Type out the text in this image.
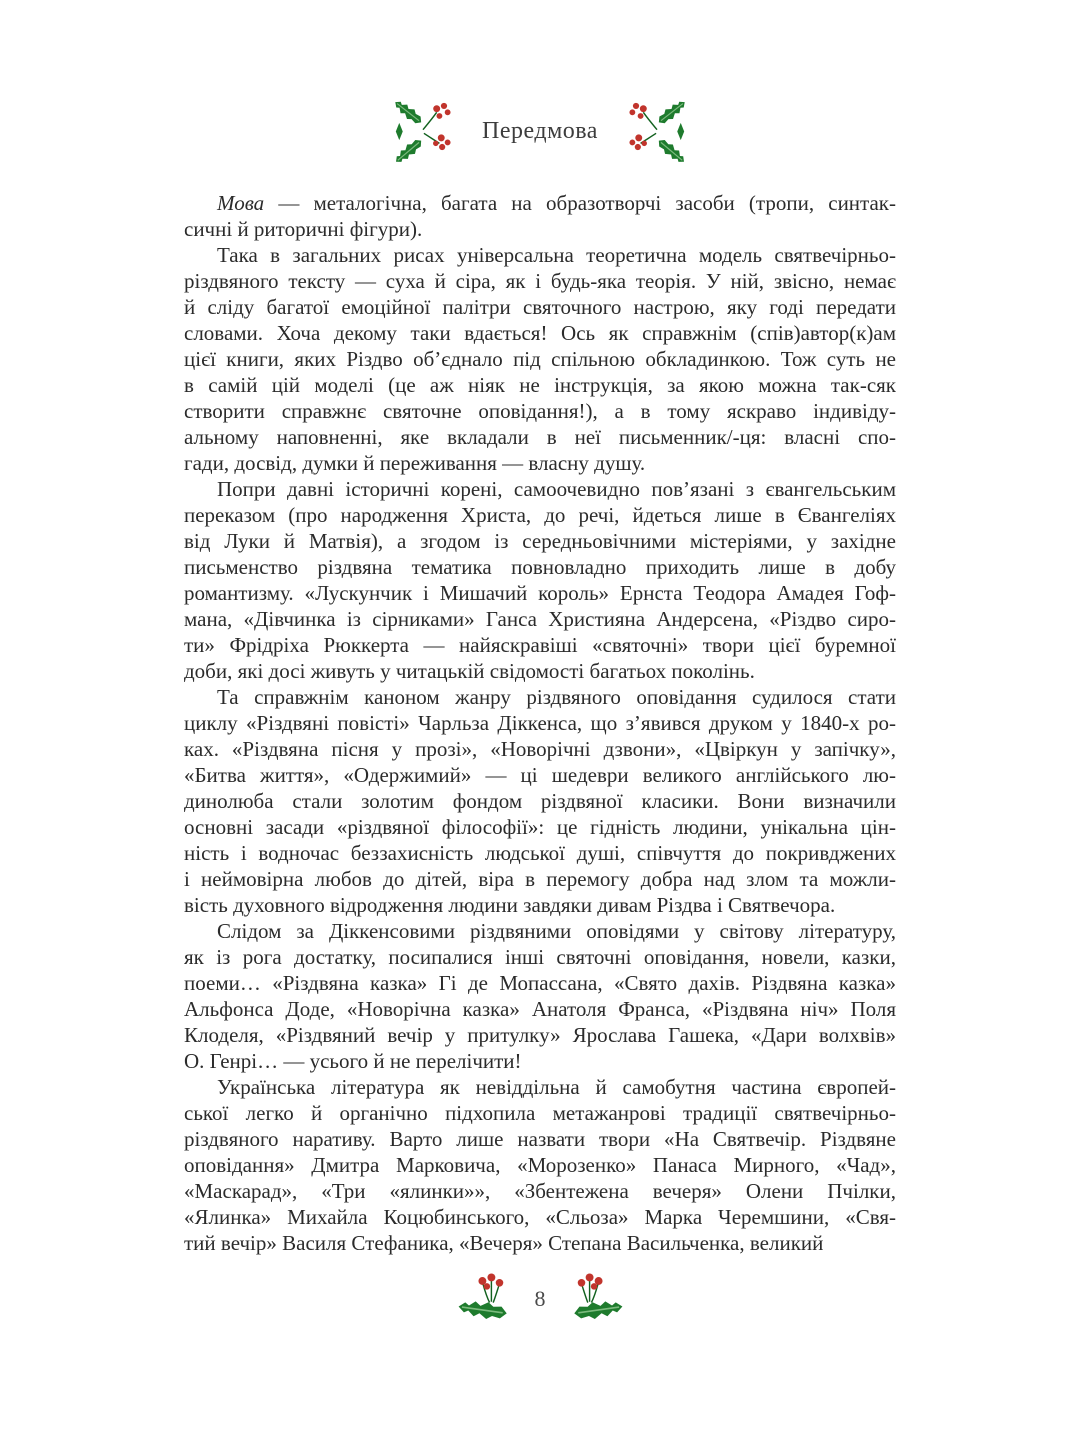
Передмова
Мова — металогічна, багата на образотворчі засоби (тропи, синтак-
сичні й риторичні фігури).
Така в загальних рисах універсальна теоретична модель святвечірньо-
різдвяного тексту — суха й сіра, як і будь-яка теорія. У ній, звісно, немає
й сліду багатої емоційної палітри святочного настрою, яку годі передати
словами. Хоча декому таки вдається! Ось як справжнім (спів)автор(к)ам
цієї книги, яких Різдво об’єднало під спільною обкладинкою. Тож суть не
в самій цій моделі (це аж ніяк не інструкція, за якою можна так-сяк
створити справжнє святочне оповідання!), а в тому яскраво індивіду-
альному наповненні, яке вкладали в неї письменник/-ця: власні спо-
гади, досвід, думки й переживання — власну душу.
Попри давні історичні корені, самоочевидно пов’язані з євангельським
переказом (про народження Христа, до речі, йдеться лише в Євангеліях
від Луки й Матвія), а згодом із середньовічними містеріями, у західне
письменство різдвяна тематика повновладно приходить лише в добу
романтизму. «Лускунчик і Мишачий король» Ернста Теодора Амадея Гоф-
мана, «Дівчинка із сірниками» Ганса Християна Андерсена, «Різдво сиро-
ти» Фрідріха Рюккерта — найяскравіші «святочні» твори цієї буремної
доби, які досі живуть у читацькій свідомості багатьох поколінь.
Та справжнім каноном жанру різдвяного оповідання судилося стати
циклу «Різдвяні повісті» Чарльза Діккенса, що з’явився друком у 1840-х ро-
ках. «Різдвяна пісня у прозі», «Новорічні дзвони», «Цвіркун у запічку»,
«Битва життя», «Одержимий» — ці шедеври великого англійського лю-
динолюба стали золотим фондом різдвяної класики. Вони визначили
основні засади «різдвяної філософії»: це гідність людини, унікальна цін-
ність і водночас беззахисність людської душі, співчуття до покривджених
і неймовірна любов до дітей, віра в перемогу добра над злом та можли-
вість духовного відродження людини завдяки дивам Різдва і Святвечора.
Слідом за Діккенсовими різдвяними оповідями у світову літературу,
як із рога достатку, посипалися інші святочні оповідання, новели, казки,
поеми… «Різдвяна казка» Гі де Мопассана, «Свято дахів. Різдвяна казка»
Альфонса Доде, «Новорічна казка» Анатоля Франса, «Різдвяна ніч» Поля
Клоделя, «Різдвяний вечір у притулку» Ярослава Гашека, «Дари волхвів»
О. Генрі… — усього й не перелічити!
Українська література як невіддільна й самобутня частина європей-
ської легко й органічно підхопила метажанрові традиції святвечірньо-
різдвяного наративу. Варто лише назвати твори «На Святвечір. Різдвяне
оповідання» Дмитра Марковича, «Морозенко» Панаса Мирного, «Чад»,
«Маскарад», «Три «ялинки»», «Збентежена вечеря» Олени Пчілки,
«Ялинка» Михайла Коцюбинського, «Сльоза» Марка Черемшини, «Свя-
тий вечір» Василя Стефаника, «Вечеря» Степана Васильченка, великий
8
